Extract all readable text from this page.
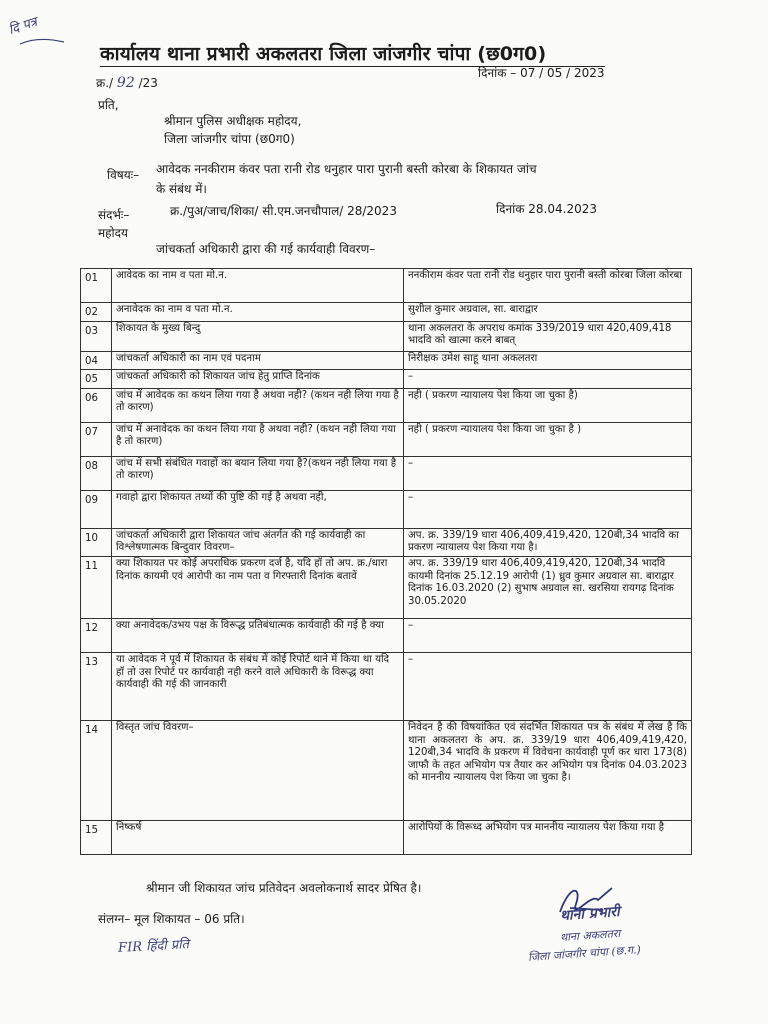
दि पत्र
कार्यालय थाना प्रभारी अकलतरा जिला जांजगीर चांपा (छ0ग0)
क्र./ 92 /23
दिनांक – 07 / 05 / 2023
प्रति,
श्रीमान पुलिस अधीक्षक महोदय,
जिला जांजगीर चांपा (छ0ग0)
विषयः– आवेदक ननकीराम कंवर पता रानी रोड धनुहार पारा पुरानी बस्ती कोरबा के शिकायत जांच
के संबंध में।
संदर्भः–	क्र./पुअ/जाच/शिका/ सी.एम.जनचौपाल/ 28/2023	दिनांक 28.04.2023
महोदय
जांचकर्ता अधिकारी द्वारा की गई कार्यवाही विवरण–
01	आवेदक का नाम व पता मो.न.	ननकीराम कंवर पता रानी रोड धनुहार पारा पुरानी बस्ती कोरबा जिला कोरबा
02	अनावेदक का नाम व पता मो.न.	सुशील कुमार अग्रवाल, सा. बाराद्वार
03	शिकायत के मुख्य बिन्दु	थाना अकलतरा के अपराध कमांक 339/2019 धारा 420,409,418 भादवि को खात्मा करने बाबत्
04	जांचकर्ता अधिकारी का नाम एवं पदनाम	निरीक्षक उमेश साहू थाना अकलतरा
05	जांचकर्ता अधिकारी को शिकायत जांच हेतु प्राप्ति दिनांक	–
06	जांच में आवेदक का कथन लिया गया है अथवा नही? (कथन नही लिया गया है तो कारण)	नही ( प्रकरण न्यायालय पेश किया जा चुका है)
07	जांच में अनावेदक का कथन लिया गया है अथवा नही? (कथन नही लिया गया है तो कारण)	नही ( प्रकरण न्यायालय पेश किया जा चुका है )
08	जांच में सभी संबंधित गवाहों का बयान लिया गया है?(कथन नही लिया गया है तो कारण)	–
09	गवाहो द्वारा शिकायत तथ्यों की पुष्टि की गई है अथवा नही,	–
10	जांचकर्ता अधिकारी द्वारा शिकायत जांच अंतर्गत की गई कार्यवाही का विश्लेषणात्मक बिन्दुवार विवरण–	अप. क्र. 339/19 धारा 406,409,419,420, 120बी,34 भादवि का प्रकरण न्यायालय पेश किया गया है।
11	क्या शिकायत पर कोई अपराधिक प्रकरण दर्ज है, यदि हॉ तो अप. क्र./धारा दिनांक कायमी एवं आरोपी का नाम पता व गिरफ्तारी दिनांक बतावें	अप. क्र. 339/19 धारा 406,409,419,420, 120बी,34 भादवि कायमी दिनांक 25.12.19 आरोपी (1) ध्रुव कुमार अग्रवाल सा. बाराद्वार दिनांक 16.03.2020 (2) सुभाष अग्रवाल सा. खरसिया रायगढ़ दिनांक 30.05.2020
12	क्या अनावेदक/उभय पक्ष के विरूद्ध प्रतिबंधात्मक कार्यवाही की गई है क्या	–
13	या आवेदक ने पूर्व में शिकायत के संबंध में कोई रिपोर्ट थाने में किया था यदि हॉ तो उस रिपोर्ट पर कार्यवाही नही करने वाले अधिकारी के विरूद्ध क्या कार्यवाही की गई की जानकारी	–
14	विस्तृत जांच विवरण–	निवेदन है की विषयांकित एवं संदर्भित शिकायत पत्र के संबंध में लेख है कि थाना अकलतरा के अप. क्र. 339/19 धारा 406,409,419,420, 120बी,34 भादवि के प्रकरण में विवेचना कार्यवाही पूर्ण कर धारा 173(8) जाफौ के तहत अभियोग पत्र तैयार कर अभियोग पत्र दिनांक 04.03.2023 को माननीय न्यायालय पेश किया जा चुका है।
15	निष्कर्ष	आरोपियों के विरूध्द अभियोग पत्र माननीय न्यायालय पेश किया गया है
श्रीमान जी शिकायत जांच प्रतिवेदन अवलोकनार्थ सादर प्रेषित है।
संलग्न– मूल शिकायत – 06 प्रति।
FIR हिंदी प्रति
थाना प्रभारी
थाना अकलतरा
जिला जांजगीर चांपा (छ.ग.)
